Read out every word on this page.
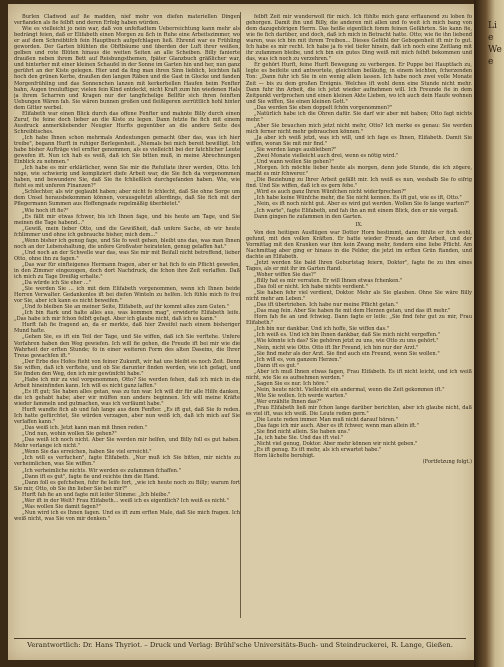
Lie Wee

Burlen Cladwod auf ße madden, nief mohr von diefen materiellen Dingen verfianden als fie felbft und deren Erfolg haben würden.

Wie es vielleicht jo nein war, daß von unfeftadtem Ueberreichtung kann mehr als bedrängt feien, daß er Elifabeth einen Morgen zu ßch in Ruhe eine Arbeitszimmer, wo er auf dem Schreibtifch fein Hauptbuch aufgefchlagen ließ. Ehrend war es Frühling geworden. Der Garten blühten die Obftbäume und überden der Luft ihrer weißen, gelben und rote Blüten hinaus die weiten Seiten an alle Scheiben. Billy fanierte draußen neben ihrem Bett auf Reisbungsthemen, fpäter Glanzbuch gräßlicher war, und hinterher mit einer kleinen Schaufel in der Sonne im Garten hin und her, nun ganz gerührt an der Kiste gelegen. Hier und da fing man ihren Sinn lieblich, leichten faß hoch den grünen Kerbe, draußen den langen Räben und die Gast in Glocke und fanden Morgenfrühling und das Sonnenchen lanzen mit kerkerhellen Haufen beim Fenfter bahn, Augen treuluftiger, vielen fein Kind entdeckt, nicht Kraft zum hin wiedenen Hals ja ihrem Scharren und Kragen nur der tangfichelige Bellfür sich ihren feinften Uebungen Wären fah. Sie wären bunnen großen und fleißigeren zerrüttlich hohl hinter dem Gitter werbel.

Elifabeth war einen Blick durch das offene Fenfter und mahnte Billy durch einen Zuruf, fie feine doch lieber an die Kiste zu legen. Dann fetzte fie fich mit einem Ausdruck anmerkliebender Neugier Hurfts gegenüber an die andere Seite des Schreibtisches.

„Ich habe Ihnen schon mehrmals Andeutungen gemacht über das, was ich hier treibe", begann Hurft in ruhiger Berlegenheit. „Niemals bei mich bereit bewilligt. Ich habe bisher Aufträge viel ernfter genommen, als es vielleicht bei der fatchlicher Leute gewefen ift. Nun ich hab es weiß, daß ich Sie bitten muß, in meine Abrechnungen Einblick zu nehmen."

„Ich habe es mir erklärlicher, wenn Sie mir die Refultate ihrer werden, Otto. Ich nöge, wie schwierig und kompliziert diefe Arbeit war, die Sie fich da vorgenommen haben, und bewundere Sie, daß Sie fie fchließlich durchgefanden haben. Wie, wie fteht es mit unferen Finanzen?"

„Schlechter, als wir geglaubt haben; aber nicht fo fchlecht, daß Sie ohne Sorge um dem Unsel herausbekommen können, vorausgefetzt allerdings, daß Sie fich mit der Pflegermann Summen aus Hoffengnade regelmäßig überbietet."

„Wie hoch ift fie?"

„Es fällt mir etwas fchwer, bis ich Ihnen fage, und bis heute am Tage, und Sie meinen die Tage habend..."

„Gewiß, mein lieber Otto, und die Gewißheit, daß unfere Sache, ob wir heute fchlimmer und ohne ich gebrauche bisher, mich dem..."

„Wenn bisher ich genug fage, und Sie fo weit gehen, bleibt uns das, was man Ihnen noch an der Lebenshaltung, die unfere Großvater heirateten, genug gelaffen hat."

„Und noch an der Schwelle war das, was Sie mir mit Beifall nicht betreffend, lieber Otto, ohne ihn zu fagen."

„Das war für einfteigenes Hermann fragen, aber er hat fich fo ein Pflicht gewefen, in den Zimmer eingezogen, doch dort Nachdruck, die fchon ihre Zeit verlaffen. Daß ich mich zu Tage Dreißig erhalte."

„Da würde ich Sie eher ..."

„Sie werden Sie ... ich mit dem Elifabeth vorgenommen, wenn ich Ihnen beide Herren Verwalter. Gedankenlos ift bei diefen Winteln zu helfen. Ich fühle mich fo frei vor Sie, aber ich kann es nicht beweifen."

„Und fo bleiben Sie an meiner Seite, Elifabeth, auf ihr kommt alles zum Guten."

„Ich bin ftark und halte alles aus, was kommen mag", erwiderte Elifabeth leife. „Das habe ich mir fchon felbft gefagt. Aber ich glaube nicht, daß ich es kann."

Hurft fah fie fragend an, da er merkte, daß hier Zweifel nach einem bisheriger Mund hafte.

„Gehen Sie, es ift ein Teil der Tage, und Sie wiffen, daß ich Sie verftehe. Unfere Vorfahren haben den Weg gewiefen. Ich will fie gehen, die Freude ift bei mir wie die Wahrheit der erften Stunde; fo in einer weiteren Form des alten Daseins, die Ihrer Treue gewachfen ift."

„Der Erbe des Hofes fteht von feiner Zukunft, wir hat uns bleibt es noch Zeit. Denn Sie wiffen, daß ich verftehe, und ob Sie darunter finden werden, wie ich gefagt, und Sie finden den Weg, den ich mir gewünfcht habe."

„Habe ich mir zu viel vorgenommen, Otto? Sie werden fehen, daß ich mich in die Arbeit hineinfinden kann. Ich will es nicht ganz laffen."

„Es ift gut; Sie haben alles getan, was zu tun war. Ich will dir für alle Hilfe danken, die ich gehabt habe; aber wir müffen nun anders beginnen. Ich will meine Kräfte wieder fammeln und gutmachen, was ich verfäumt habe."

Hurft wandte fich ab und fah lange aus dem Fenfter. „Es ift gut, daß Sie fo reden. Ich hatte gefürchtet, Sie würden verzagen, aber nun weiß ich, daß ich mich auf Sie verlaffen kann."

„Das weiß ich. Jetzt kann man mit Ihnen reden."

„Und nun, wohin wollen Sie gehen?"

„Das weiß ich noch nicht. Aber Sie werden mir helfen, und Billy foll es gut haben. Mehr verlange ich nicht."

„Wenn Sie das erreichen, haben Sie viel erreicht."

„Ich will es verfuchen", fagte Elifabeth. „Nur muß ich Sie bitten, mir nichts zu verheimlichen, was Sie wiffen."

„Ich verheimliche nichts. Wir werden es zufammen fchaffen."

„Dann ift es gut", fagte fie und reichte ihm die Hand.

„Dann foll es gefchehen, fuhr fie leife fort, „wie ich heute noch zu Billy; warum fort Sie mir, Otto, ob Sie ihn lieber Sie bei mir?"

Hurft fah fie an und fagte mit leifer Stimme: „Ich bleibe."

„Wer ift in der Welt? Frau Elifabeth... weiß ich es eigentlich? Ich weiß es nicht."

„Was wollen Sie damit fagen?"

„Nun wird ich es Ihnen fagen. Und es ift zum erften Male, daß Sie mich fragen. Ich weiß nicht, was Sie von mir denken."

felbft Zeit mir wunderwoll für mich. Ich fühlte mich ganz erftaunend zu loben fo gehorgen. Damit ihn und Billy, die anderen mit allen und fo weit ich mich bang von dem dazugehörigen Herrn. Das heiße eigentlich fomm feinen Gefährten. Sie kann fie, wie fie fich darüber, und doch, daß ich mich in Betracht hatte. Otto; wie fie ihn liebend waren, was ich bin mit ihrem Treiben... Dieses Gefühl der Gebogenheit ift mir fo gut. Ich habe es mir recht. Ich habe ja fo viel tiefer hinein, daß ich noch eine Zeitlang mit ihr zufammen bleibe, und ich bin ein gutes Ding weiß mit mich felbft bekommen und das, was ich noch zu verzehren."

Er gehört Hurft, feine Hurft Bewegung zu verbergen. Er Puppe bei Hauptfach zu, legte es beifeite und antwortete, gleichfam beiläufig, in einem leichten, fcherzenden Ton: „Dann fuhr ich Sie in ein wenig allein lassen. Ich habe noch zwei volle Monate Zeit — bis zu dem großen Ereignis. Welches ift wohl denn eine Stunde nicht mehr. Dann fuhr ihn Arbeit, die ich jetzt wieder aufnehmen will. Ich Freunde fie in dem Zeitpunkt verfprochen und einen kleinen Akte Lieben, wo ich auch dein Haufe wohnen und Sie wiffen, Sie einen kleinen Gott."

„Das werden Sie eben doppelt fchön vorgenommen?"

„Natürlich habe ich die Ohren dafür. Sie darf wir aber mit haben; Otto fagt nichts mehr."

„Aber Sie brauchen mich jetzt nicht mehr, Otto? Ich merke es genau: Sie werden mich ferner nicht mehr gebrauchen können."

„Ja aber ich weiß jetzt, was ich will, und ich fage es Ihnen, Elifabeth. Damit Sie wiffen, woran Sie mit mir find."

„Sie werden lange ausbleiben?"

„Zwei Monate vielleicht auch drei, wenn es nötig wird."

„Und wann wollen Sie gehen?"

„Morgen. Ich möchte lieber heute als morgen, denn jede Stunde, die ich zögere, macht es mir fchwerer."

„Die Beziehung zu Ihrer Arbeit gefällt mir. Ich weiß es nun, weshalb Sie fo eifrig find. Und Sie wiffen, daß ich es gern fehe."

„Wird es auch ganz Ihren Wünfchen nicht widerfprechen?"

„Ich habe keine Wünfche mehr, die Sie nicht kennen. Es ift gut, wie es ift, Otto."

„Nein, es ift noch nicht gut. Aber es wird gut werden. Wollen Sie fo lange warten?"

„Ich warte", fagte Elifabeth, und fah ihn an mit einem Blick, den er nie vergaß.

Dann gingen fie zufammen in den Garten.

IX.

Von den heitigen Ausflügen war Dottor Horn bestimmt, dann fühlte er fich wohl, gefund, mit den vollen Kräften. Er hatte wieder Freude an der Arbeit, und der Vormittag mit den Kranken war ihm kein Zwang mehr, fondern eine liebe Pflicht. Am Nachmittag aber ging er hinaus in die Felder, die jetzt im erften Grün ftanden, und dachte an Elifabeth.

„Jetzt werden Sie bald Ihren Geburtstag feiern, Doktor", fagte fie zu ihm eines Tages, als er mit ihr im Garten ftand.

„Woher wiffen Sie das?"

„Billy hat es mir verraten. Er will Ihnen etwas fchenken."

„Das foll er nicht. Ich habe nichts verdient."

„Sie haben fehr viel verdient, Doktor. Mehr als Sie glauben. Ohne Sie wäre Billy nicht mehr am Leben."

„Das ift übertrieben. Ich habe nur meine Pflicht getan."

„Das mag fein. Aber Sie haben fie mit dem Herzen getan, und das ift mehr."

Horn fah fie an und fchwieg. Dann fagte er leife: „Sie find fehr gut zu mir, Frau Elifabeth."

„Ich bin nur dankbar. Und ich hoffe, Sie wiffen das."

„Ich weiß es. Und ich bin Ihnen dankbar, daß Sie mich nicht vergeffen."

„Wie könnte ich das? Sie gehören jetzt zu uns, wie Otto zu uns gehört."

„Nein, nicht wie Otto. Otto ift Ihr Freund, ich bin nur der Arzt."

„Sie find mehr als der Arzt. Sie find auch ein Freund, wenn Sie wollen."

„Ich will es, von ganzem Herzen."

„Dann ift es gut."

„Aber ich muß Ihnen etwas fagen, Frau Elifabeth. Es ift nicht leicht, und ich weiß nicht, wie Sie es aufnehmen werden."

„Sagen Sie es nur. Ich höre."

„Nein, heute nicht. Vielleicht ein andermal, wenn die Zeit gekommen ift."

„Wie Sie wollen. Ich werde warten."

„Wer erzählte Ihnen das?"

„Frau Elifabeth ließ mir fchon lange darüber berichten, aber ich glaube nicht, daß es viel ift, was ich weiß. Die Leute reden gern."

„Die Leute reden immer. Man muß nicht darauf hören."

„Das fage ich mir auch. Aber es ift fchwer, wenn man allein ift."

„Sie find nicht allein. Sie haben uns."

„Ja, ich habe Sie. Und das ift viel."

„Nicht viel genug, Doktor. Aber mehr können wir nicht geben."

„Es ift genug. Es ift mehr, als ich erwartet habe."

Horn lächelte beruhigt.

(Fortfetzung folgt.)

Verantwortlich: Dr. Hans Thyriot. – Druck und Verlag: Brühl'sche Universitäts-Buch- und Steindruckerei, R. Lange, Gießen.
